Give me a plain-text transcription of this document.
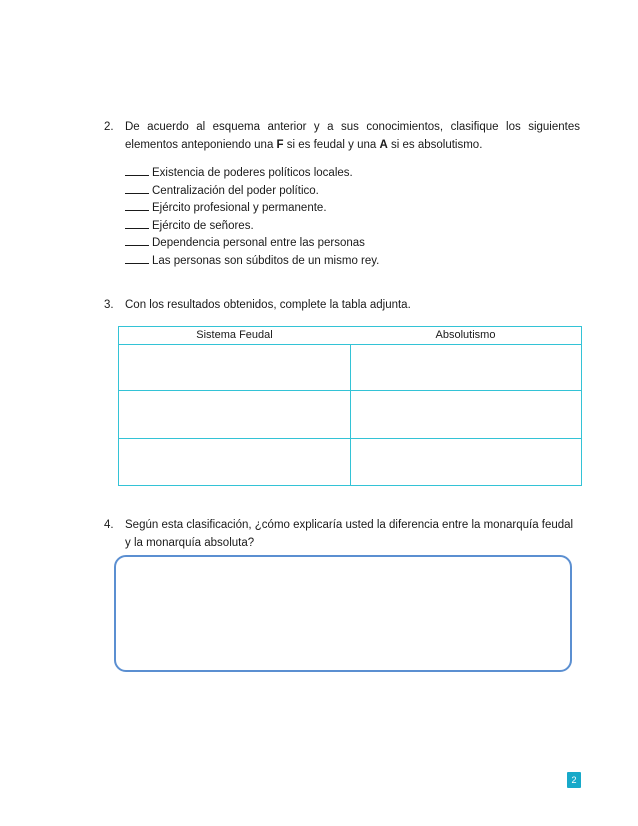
2. De acuerdo al esquema anterior y a sus conocimientos, clasifique los siguientes elementos anteponiendo una F si es feudal y una A si es absolutismo.
Existencia de poderes políticos locales.
Centralización del poder político.
Ejército profesional y permanente.
Ejército de señores.
Dependencia personal entre las personas
Las personas son súbditos de un mismo rey.
3. Con los resultados obtenidos, complete la tabla adjunta.
Sistema Feudal	Absolutismo
4. Según esta clasificación, ¿cómo explicaría usted la diferencia entre la monarquía feudal y la monarquía absoluta?
2
